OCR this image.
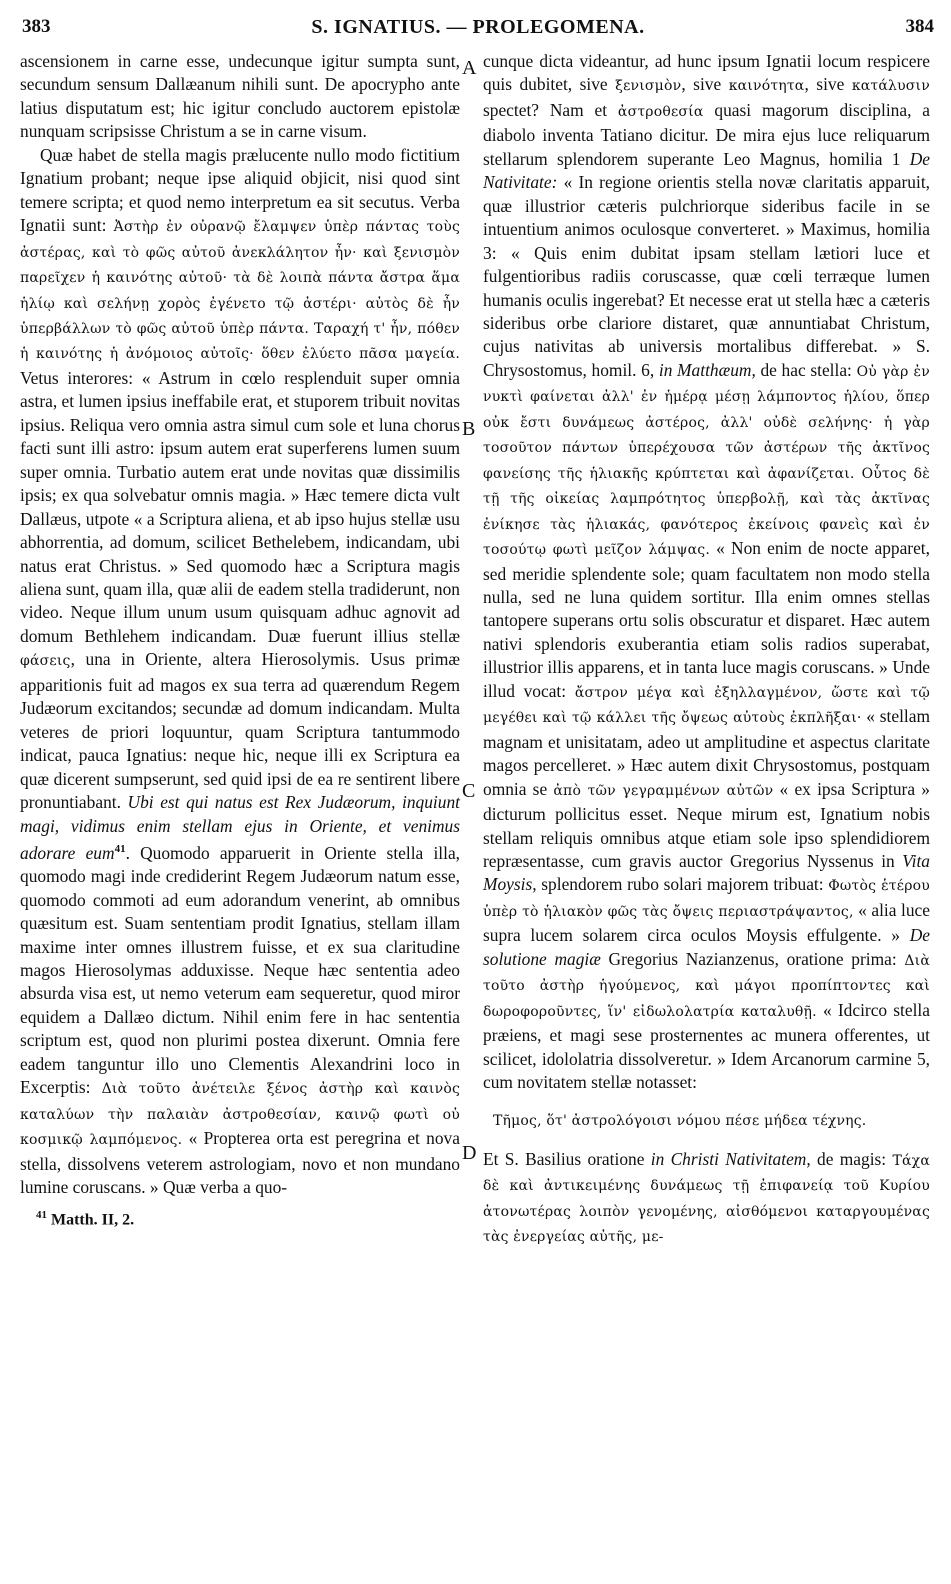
383	S. IGNATIUS. — PROLEGOMENA.	384
A
B
C
D

ascensionem in carne esse, undecunque igitur sumpta sunt, secundum sensum Dallæanum nihili sunt. De apocrypho ante latius disputatum est; hic igitur concludo auctorem epistolæ nunquam scripsisse Christum a se in carne visum.

Quæ habet de stella magis prælucente nullo modo fictitium Ignatium probant; neque ipse aliquid objicit, nisi quod sint temere scripta; et quod nemo interpretum ea sit secutus. Verba Ignatii sunt: Ἀστὴρ ἐν οὐρανῷ ἔλαμψεν ὑπὲρ πάντας τοὺς ἀστέρας, καὶ τὸ φῶς αὐτοῦ ἀνεκλάλητον ἦν· καὶ ξενισμὸν παρεῖχεν ἡ καινότης αὐτοῦ· τὰ δὲ λοιπὰ πάντα ἄστρα ἅμα ἡλίῳ καὶ σελήνῃ χορὸς ἐγένετο τῷ ἀστέρι· αὐτὸς δὲ ἦν ὑπερβάλλων τὸ φῶς αὐτοῦ ὑπὲρ πάντα. Ταραχή τ' ἦν, πόθεν ἡ καινότης ἡ ἀνόμοιος αὐτοῖς· ὅθεν ἐλύετο πᾶσα μαγεία. Vetus interores: « Astrum in cœlo resplenduit super omnia astra, et lumen ipsius ineffabile erat, et stuporem tribuit novitas ipsius. Reliqua vero omnia astra simul cum sole et luna chorus facti sunt illi astro: ipsum autem erat superferens lumen suum super omnia. Turbatio autem erat unde novitas quæ dissimilis ipsis; ex qua solvebatur omnis magia. » Hæc temere dicta vult Dallæus, utpote « a Scriptura aliena, et ab ipso hujus stellæ usu abhorrentia, ad domum, scilicet Bethelebem, indicandam, ubi natus erat Christus. » Sed quomodo hæc a Scriptura magis aliena sunt, quam illa, quæ alii de eadem stella tradiderunt, non video. Neque illum unum usum quisquam adhuc agnovit ad domum Bethlehem indicandam. Duæ fuerunt illius stellæ φάσεις, una in Oriente, altera Hierosolymis. Usus primæ apparitionis fuit ad magos ex sua terra ad quærendum Regem Judæorum excitandos; secundæ ad domum indicandam. Multa veteres de priori loquuntur, quam Scriptura tantummodo indicat, pauca Ignatius: neque hic, neque illi ex Scriptura ea quæ dicerent sumpserunt, sed quid ipsi de ea re sentirent libere pronuntiabant. Ubi est qui natus est Rex Judæorum, inquiunt magi, vidimus enim stellam ejus in Oriente, et venimus adorare eum$^{41}$. Quomodo apparuerit in Oriente stella illa, quomodo magi inde crediderint Regem Judæorum natum esse, quomodo commoti ad eum adorandum venerint, ab omnibus quæsitum est. Suam sententiam prodit Ignatius, stellam illam maxime inter omnes illustrem fuisse, et ex sua claritudine magos Hierosolymas adduxisse. Neque hæc sententia adeo absurda visa est, ut nemo veterum eam sequeretur, quod miror equidem a Dallæo dictum. Nihil enim fere in hac sententia scriptum est, quod non plurimi postea dixerunt. Omnia fere eadem tanguntur illo uno Clementis Alexandrini loco in Excerptis: Διὰ τοῦτο ἀνέτειλε ξένος ἀστὴρ καὶ καινὸς καταλύων τὴν παλαιὰν ἀστροθεσίαν, καινῷ φωτὶ οὐ κοσμικῷ λαμπόμενος. « Propterea orta est peregrina et nova stella, dissolvens veterem astrologiam, novo et non mundano lumine coruscans. » Quæ verba a quo-

$^{41}$ Matth. II, 2.

cunque dicta videantur, ad hunc ipsum Ignatii locum respicere quis dubitet, sive ξενισμὸν, sive καινότητα, sive κατάλυσιν spectet? Nam et ἀστροθεσία quasi magorum disciplina, a diabolo inventa Tatiano dicitur. De mira ejus luce reliquarum stellarum splendorem superante Leo Magnus, homilia 1 De Nativitate: « In regione orientis stella novæ claritatis apparuit, quæ illustrior cæteris pulchriorque sideribus facile in se intuentium animos oculosque converteret. » Maximus, homilia 3: « Quis enim dubitat ipsam stellam lætiori luce et fulgentioribus radiis coruscasse, quæ cœli terræque lumen humanis oculis ingerebat? Et necesse erat ut stella hæc a cæteris sideribus orbe clariore distaret, quæ annuntiabat Christum, cujus nativitas ab universis mortalibus differebat. » S. Chrysostomus, homil. 6, in Matthæum, de hac stella: Οὐ γὰρ ἐν νυκτὶ φαίνεται ἀλλ' ἐν ἡμέρᾳ μέσῃ λάμποντος ἡλίου, ὅπερ οὐκ ἔστι δυνάμεως ἀστέρος, ἀλλ' οὐδὲ σελήνης· ἡ γὰρ τοσοῦτον πάντων ὑπερέχουσα τῶν ἀστέρων τῆς ἀκτῖνος φανείσης τῆς ἡλιακῆς κρύπτεται καὶ ἀφανίζεται. Οὗτος δὲ τῇ τῆς οἰκείας λαμπρότητος ὑπερβολῇ, καὶ τὰς ἀκτῖνας ἐνίκησε τὰς ἡλιακάς, φανότερος ἐκείνοις φανεὶς καὶ ἐν τοσούτῳ φωτὶ μεῖζον λάμψας. « Non enim de nocte apparet, sed meridie splendente sole; quam facultatem non modo stella nulla, sed ne luna quidem sortitur. Illa enim omnes stellas tantopere superans ortu solis obscuratur et disparet. Hæc autem nativi splendoris exuberantia etiam solis radios superabat, illustrior illis apparens, et in tanta luce magis coruscans. » Unde illud vocat: ἄστρον μέγα καὶ ἐξηλλαγμένον, ὥστε καὶ τῷ μεγέθει καὶ τῷ κάλλει τῆς ὄψεως αὐτοὺς ἐκπλῆξαι· « stellam magnam et unisitatam, adeo ut amplitudine et aspectus claritate magos percelleret. » Hæc autem dixit Chrysostomus, postquam omnia se ἀπὸ τῶν γεγραμμένων αὐτῶν « ex ipsa Scriptura » dicturum pollicitus esset. Neque mirum est, Ignatium nobis stellam reliquis omnibus atque etiam sole ipso splendidiorem repræsentasse, cum gravis auctor Gregorius Nyssenus in Vita Moysis, splendorem rubo solari majorem tribuat: Φωτὸς ἑτέρου ὑπὲρ τὸ ἡλιακὸν φῶς τὰς ὄψεις περιαστράψαντος, « alia luce supra lucem solarem circa oculos Moysis effulgente. » De solutione magiæ Gregorius Nazianzenus, oratione prima: Διὰ τοῦτο ἀστὴρ ἡγούμενος, καὶ μάγοι προπίπτοντες καὶ δωροφοροῦντες, ἵν' εἰδωλολατρία καταλυθῇ. « Idcirco stella præiens, et magi sese prosternentes ac munera offerentes, ut scilicet, idololatria dissolveretur. » Idem Arcanorum carmine 5, cum novitatem stellæ notasset:

Τῆμος, ὅτ' ἀστρολόγοισι νόμου πέσε μήδεα τέχνης.

Et S. Basilius oratione in Christi Nativitatem, de magis: Τάχα δὲ καὶ ἀντικειμένης δυνάμεως τῇ ἐπιφανείᾳ τοῦ Κυρίου ἀτονωτέρας λοιπὸν γενομένης, αἰσθόμενοι καταργουμένας τὰς ἐνεργείας αὐτῆς, με-
